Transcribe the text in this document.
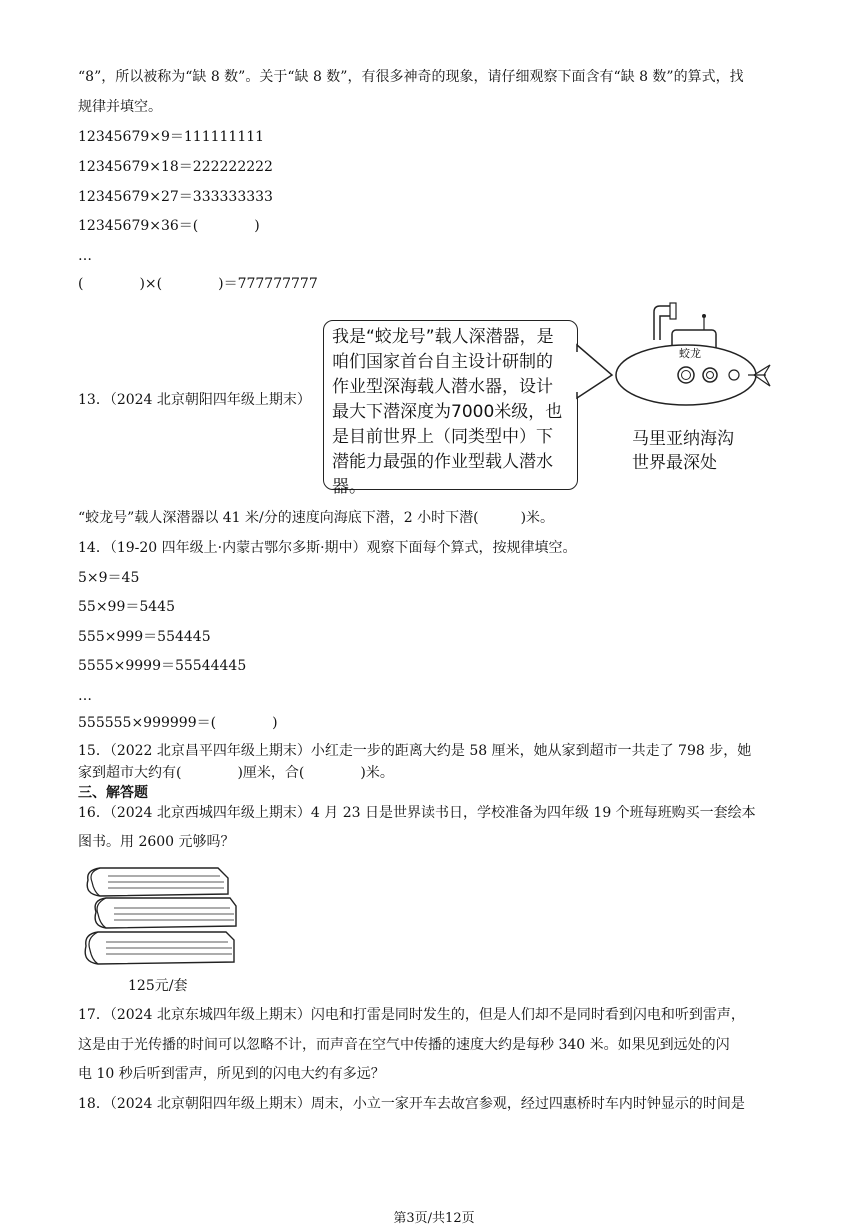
“8”，所以被称为“缺 8 数”。关于“缺 8 数”，有很多神奇的现象，请仔细观察下面含有“缺 8 数”的算式，找
规律并填空。
12345679×9＝111111111
12345679×18＝222222222
12345679×27＝333333333
12345679×36＝(　　　　)
…
(　　　　)×(　　　　)＝777777777
13．（2024 北京朝阳四年级上期末）
我是“蛟龙号”载人深潜器，是咱们国家首台自主设计研制的作业型深海载人潜水器，设计最大下潜深度为7000米级，也是目前世界上（同类型中）下潜能力最强的作业型载人潜水器。
蛟龙
马里亚纳海沟
世界最深处
“蛟龙号”载人深潜器以 41 米/分的速度向海底下潜，2 小时下潜(　　　)米。
14．（19-20 四年级上·内蒙古鄂尔多斯·期中）观察下面每个算式，按规律填空。
5×9＝45
55×99＝5445
555×999＝554445
5555×9999＝55544445
…
555555×999999＝(　　　　)
15．（2022 北京昌平四年级上期末）小红走一步的距离大约是 58 厘米，她从家到超市一共走了 798 步，她
家到超市大约有(　　　　)厘米，合(　　　　)米。
三、解答题
16．（2024 北京西城四年级上期末）4 月 23 日是世界读书日，学校准备为四年级 19 个班每班购买一套绘本
图书。用 2600 元够吗？
125元/套
17．（2024 北京东城四年级上期末）闪电和打雷是同时发生的，但是人们却不是同时看到闪电和听到雷声，
这是由于光传播的时间可以忽略不计，而声音在空气中传播的速度大约是每秒 340 米。如果见到远处的闪
电 10 秒后听到雷声，所见到的闪电大约有多远？
18．（2024 北京朝阳四年级上期末）周末，小立一家开车去故宫参观，经过四惠桥时车内时钟显示的时间是
第3页/共12页
